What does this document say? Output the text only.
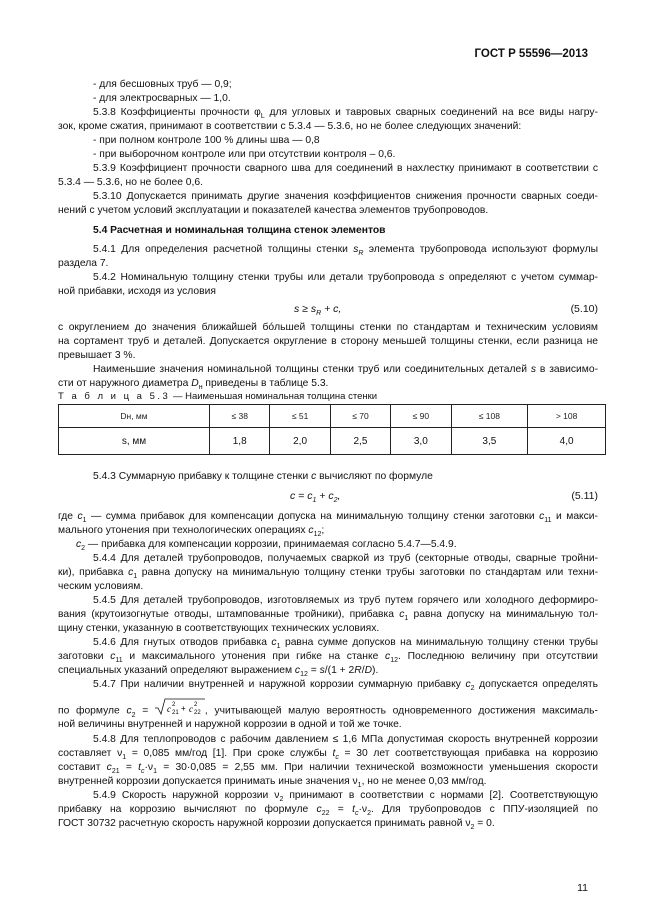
ГОСТ Р 55596—2013
- для бесшовных труб — 0,9;
- для электросварных — 1,0.
5.3.8 Коэффициенты прочности $\varphi_L$ для угловых и тавровых сварных соединений на все виды нагру-
зок, кроме сжатия, принимают в соответствии с 5.3.4 — 5.3.6, но не более следующих значений:
- при полном контроле 100 % длины шва — 0,8
- при выборочном контроле или при отсутствии контроля – 0,6.
5.3.9 Коэффициент прочности сварного шва для соединений в нахлестку принимают в соответствии с
5.3.4 — 5.3.6, но не более 0,6.
5.3.10 Допускается принимать другие значения коэффициентов снижения прочности сварных соеди-
нений с учетом условий эксплуатации и показателей качества элементов трубопроводов.
5.4 Расчетная и номинальная толщина стенок элементов
5.4.1 Для определения расчетной толщины стенки $s_R$ элемента трубопровода используют формулы
раздела 7.
5.4.2 Номинальную толщину стенки трубы или детали трубопровода s определяют с учетом суммар-
ной прибавки, исходя из условия
$s \ge s_R + c$,	(5.10)
с округлением до значения ближайшей бóльшей толщины стенки по стандартам и техническим условиям
на сортамент труб и деталей. Допускается округление в сторону меньшей толщины стенки, если разница не
превышает 3 %.
Наименьшие значения номинальной толщины стенки труб или соединительных деталей s в зависимо-
сти от наружного диаметра $D_н$ приведены в таблице 5.3.
Т а б л и ц а 5.3 — Наименьшая номинальная толщина стенки
Dн, мм	≤ 38	≤ 51	≤ 70	≤ 90	≤ 108	> 108
s, мм	1,8	2,0	2,5	3,0	3,5	4,0
5.4.3 Суммарную прибавку к толщине стенки c вычисляют по формуле
$c = c_1 + c_2$,	(5.11)
где $c_1$ — сумма прибавок для компенсации допуска на минимальную толщину стенки заготовки $c_{11}$ и макси-
мального утонения при технологических операциях $c_{12}$;
$c_2$ — прибавка для компенсации коррозии, принимаемая согласно 5.4.7—5.4.9.
5.4.4 Для деталей трубопроводов, получаемых сваркой из труб (секторные отводы, сварные тройни-
ки), прибавка $c_1$ равна допуску на минимальную толщину стенки трубы заготовки по стандартам или техни-
ческим условиям.
5.4.5 Для деталей трубопроводов, изготовляемых из труб путем горячего или холодного деформиро-
вания (крутоизогнутые отводы, штампованные тройники), прибавка $c_1$ равна допуску на минимальную тол-
щину стенки, указанную в соответствующих технических условиях.
5.4.6 Для гнутых отводов прибавка $c_1$ равна сумме допусков на минимальную толщину стенки трубы
заготовки $c_{11}$ и максимального утонения при гибке на станке $c_{12}$. Последнюю величину при отсутствии
специальных указаний определяют выражением $c_{12} = s/(1 + 2R/D)$.
5.4.7 При наличии внутренней и наружной коррозии суммарную прибавку $c_2$ допускается определять
по формуле $c_2 = c$ 21
2 + c 22
2
, учитывающей малую вероятность одновременного достижения максималь-
ной величины внутренней и наружной коррозии в одной и той же точке.
5.4.8 Для теплопроводов с рабочим давлением ≤ 1,6 МПа допустимая скорость внутренней коррозии
составляет $\nu_1 = 0,085$ мм/год [1]. При сроке службы $t_c = 30$ лет соответствующая прибавка на коррозию
составит $c_{21} = t_c\cdot\nu_1 = 30\cdot 0,085 = 2,55$ мм. При наличии технической возможности уменьшения скорости
внутренней коррозии допускается принимать иные значения $\nu_1$, но не менее 0,03 мм/год.
5.4.9 Скорость наружной коррозии $\nu_2$ принимают в соответствии с нормами [2]. Соответствующую
прибавку на коррозию вычисляют по формуле $c_{22} = t_c\cdot\nu_2$. Для трубопроводов с ППУ-изоляцией по
ГОСТ 30732 расчетную скорость наружной коррозии допускается принимать равной $\nu_2 = 0$.
11
